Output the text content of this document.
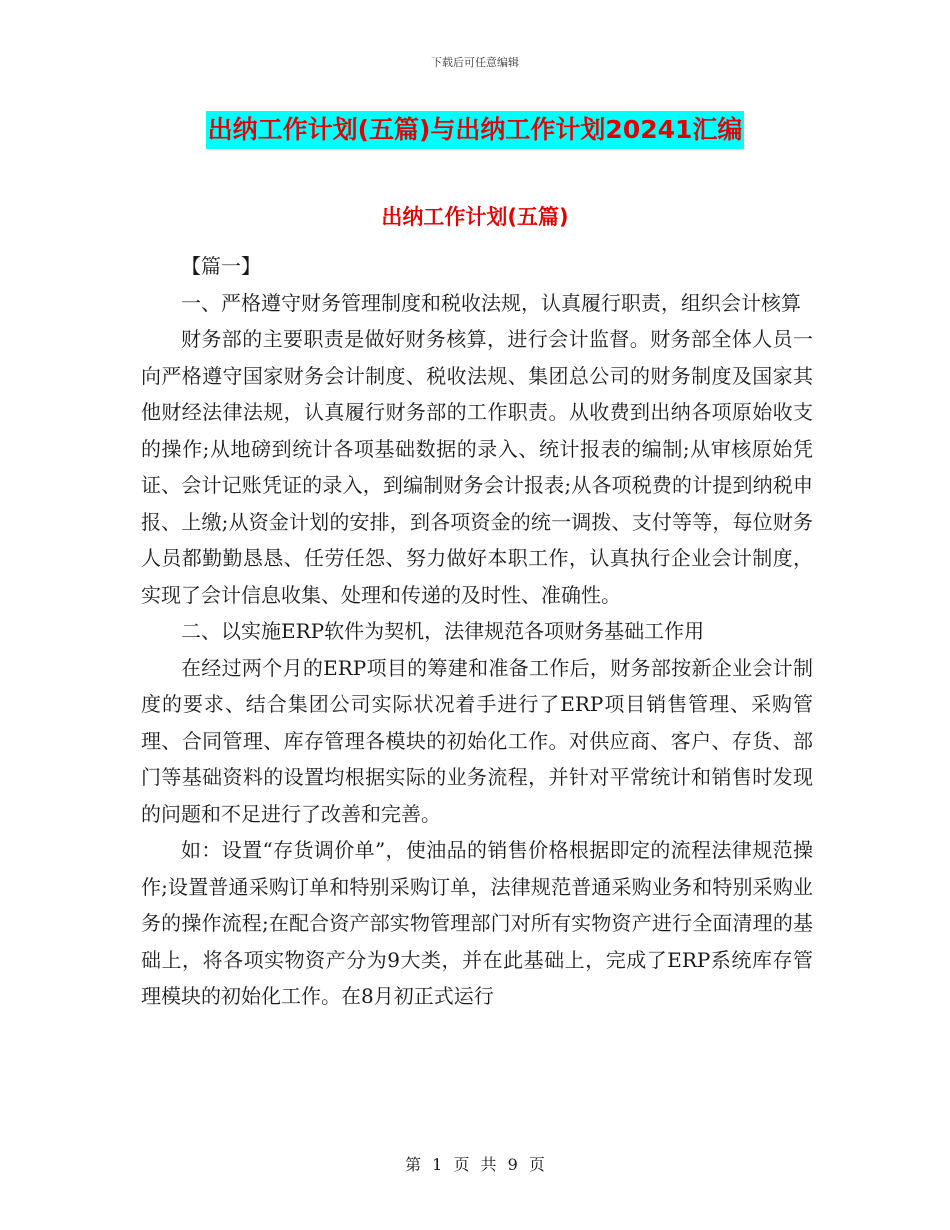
下载后可任意编辑
出纳工作计划(五篇)与出纳工作计划20241汇编
出纳工作计划(五篇)

【篇一】

一、严格遵守财务管理制度和税收法规，认真履行职责，组织会计核算

财务部的主要职责是做好财务核算，进行会计监督。财务部全体人员一向严格遵守国家财务会计制度、税收法规、集团总公司的财务制度及国家其他财经法律法规，认真履行财务部的工作职责。从收费到出纳各项原始收支的操作;从地磅到统计各项基础数据的录入、统计报表的编制;从审核原始凭证、会计记账凭证的录入，到编制财务会计报表;从各项税费的计提到纳税申报、上缴;从资金计划的安排，到各项资金的统一调拨、支付等等，每位财务人员都勤勤恳恳、任劳任怨、努力做好本职工作，认真执行企业会计制度，实现了会计信息收集、处理和传递的及时性、准确性。

二、以实施ERP软件为契机，法律规范各项财务基础工作用

在经过两个月的ERP项目的筹建和准备工作后，财务部按新企业会计制度的要求、结合集团公司实际状况着手进行了ERP项目销售管理、采购管理、合同管理、库存管理各模块的初始化工作。对供应商、客户、存货、部门等基础资料的设置均根据实际的业务流程，并针对平常统计和销售时发现的问题和不足进行了改善和完善。

如：设置“存货调价单”，使油品的销售价格根据即定的流程法律规范操作;设置普通采购订单和特别采购订单，法律规范普通采购业务和特别采购业务的操作流程;在配合资产部实物管理部门对所有实物资产进行全面清理的基础上，将各项实物资产分为9大类，并在此基础上，完成了ERP系统库存管理模块的初始化工作。在8月初正式运行

第 1 页 共 9 页
